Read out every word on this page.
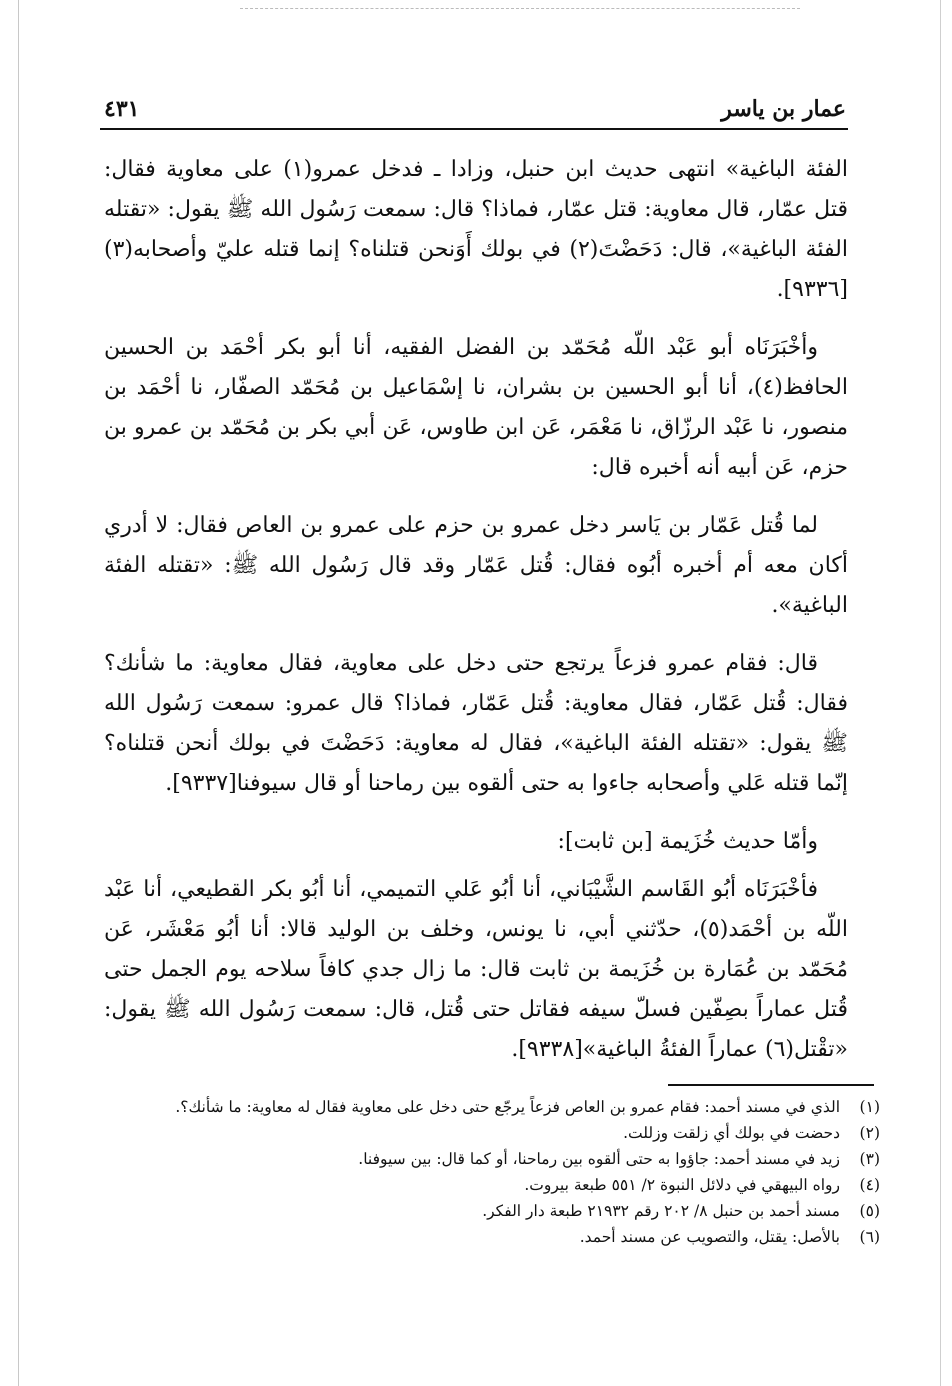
عمار بن ياسر
٤٣١

الفئة الباغية» انتهى حديث ابن حنبل، وزادا ـ فدخل عمرو(١) على معاوية فقال: قتل عمّار، قال معاوية: قتل عمّار، فماذا؟ قال: سمعت رَسُول الله ﷺ يقول: «تقتله الفئة الباغية»، قال: دَحَضْتَ(٢) في بولك أَوَنحن قتلناه؟ إنما قتله عليّ وأصحابه(٣)[٩٣٣٦].

وأخْبَرَنَاه أبو عَبْد اللّه مُحَمّد بن الفضل الفقيه، أنا أبو بكر أحْمَد بن الحسين الحافظ(٤)، أنا أبو الحسين بن بشران، نا إسْمَاعيل بن مُحَمّد الصفّار، نا أحْمَد بن منصور، نا عَبْد الرزّاق، نا مَعْمَر، عَن ابن طاوس، عَن أبي بكر بن مُحَمّد بن عمرو بن حزم، عَن أبيه أنه أخبره قال:

لما قُتل عَمّار بن يَاسر دخل عمرو بن حزم على عمرو بن العاص فقال: لا أدري أكان معه أم أخبره أبُوه فقال: قُتل عَمّار وقد قال رَسُول الله ﷺ: «تقتله الفئة الباغية».

قال: فقام عمرو فزعاً يرتجع حتى دخل على معاوية، فقال معاوية: ما شأنك؟ فقال: قُتل عَمّار، فقال معاوية: قُتل عَمّار، فماذا؟ قال عمرو: سمعت رَسُول الله ﷺ يقول: «تقتله الفئة الباغية»، فقال له معاوية: دَحَضْتَ في بولك أنحن قتلناه؟ إنّما قتله عَلي وأصحابه جاءوا به حتى ألقوه بين رماحنا أو قال سيوفنا[٩٣٣٧].

وأمّا حديث خُزَيمة [بن ثابت]:

فأخْبَرَنَاه أبُو القَاسم الشَّيْبَاني، أنا أبُو عَلي التميمي، أنا أبُو بكر القطيعي، أنا عَبْد اللّه بن أحْمَد(٥)، حدّثني أبي، نا يونس، وخلف بن الوليد قالا: أنا أبُو مَعْشَر، عَن مُحَمّد بن عُمَارة بن خُزَيمة بن ثابت قال: ما زال جدي كافاً سلاحه يوم الجمل حتى قُتل عماراً بصِفّين فسلّ سيفه فقاتل حتى قُتل، قال: سمعت رَسُول الله ﷺ يقول: «تقْتل(٦) عماراً الفئةُ الباغية»[٩٣٣٨].

(١)
الذي في مسند أحمد: فقام عمرو بن العاص فزعاً يرجّع حتى دخل على معاوية فقال له معاوية: ما شأنك؟.
(٢)
دحضت في بولك أي زلقت وزللت.
(٣)
زيد في مسند أحمد: جاؤوا به حتى ألقوه بين رماحنا، أو كما قال: بين سيوفنا.
(٤)
رواه البيهقي في دلائل النبوة ٢/ ٥٥١ طبعة بيروت.
(٥)
مسند أحمد بن حنبل ٨/ ٢٠٢ رقم ٢١٩٣٢ طبعة دار الفكر.
(٦)
بالأصل: يقتل، والتصويب عن مسند أحمد.
